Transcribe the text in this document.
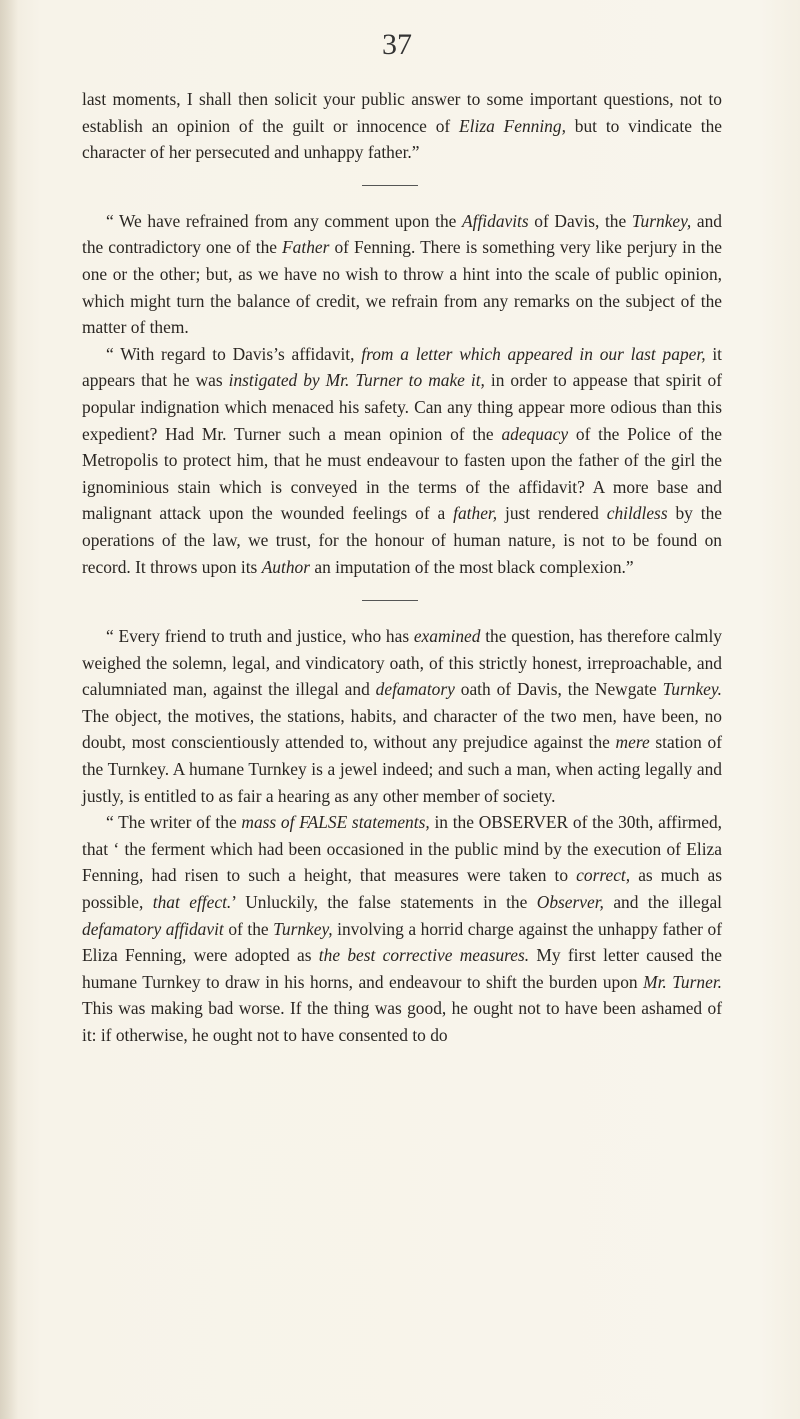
37

last moments, I shall then solicit your public answer to some important questions, not to establish an opinion of the guilt or innocence of Eliza Fenning, but to vindicate the character of her persecuted and unhappy father.”

“ We have refrained from any comment upon the Affidavits of Davis, the Turnkey, and the contradictory one of the Father of Fenning. There is something very like perjury in the one or the other; but, as we have no wish to throw a hint into the scale of public opinion, which might turn the balance of credit, we refrain from any remarks on the subject of the matter of them.

“ With regard to Davis’s affidavit, from a letter which appeared in our last paper, it appears that he was instigated by Mr. Turner to make it, in order to appease that spirit of popular indignation which menaced his safety. Can any thing appear more odious than this expedient? Had Mr. Turner such a mean opinion of the adequacy of the Police of the Metropolis to protect him, that he must endeavour to fasten upon the father of the girl the ignominious stain which is conveyed in the terms of the affidavit? A more base and malignant attack upon the wounded feelings of a father, just rendered childless by the operations of the law, we trust, for the honour of human nature, is not to be found on record. It throws upon its Author an imputation of the most black complexion.”

“ Every friend to truth and justice, who has examined the question, has therefore calmly weighed the solemn, legal, and vindicatory oath, of this strictly honest, irreproachable, and calumniated man, against the illegal and defamatory oath of Davis, the Newgate Turnkey. The object, the motives, the stations, habits, and character of the two men, have been, no doubt, most conscientiously attended to, without any prejudice against the mere station of the Turnkey. A humane Turnkey is a jewel indeed; and such a man, when acting legally and justly, is entitled to as fair a hearing as any other member of society.

“ The writer of the mass of FALSE statements, in the OBSERVER of the 30th, affirmed, that ‘ the ferment which had been occasioned in the public mind by the execution of Eliza Fenning, had risen to such a height, that measures were taken to correct, as much as possible, that effect.’ Unluckily, the false statements in the Observer, and the illegal defamatory affidavit of the Turnkey, involving a horrid charge against the unhappy father of Eliza Fenning, were adopted as the best corrective measures. My first letter caused the humane Turnkey to draw in his horns, and endeavour to shift the burden upon Mr. Turner. This was making bad worse. If the thing was good, he ought not to have been ashamed of it: if otherwise, he ought not to have consented to do
